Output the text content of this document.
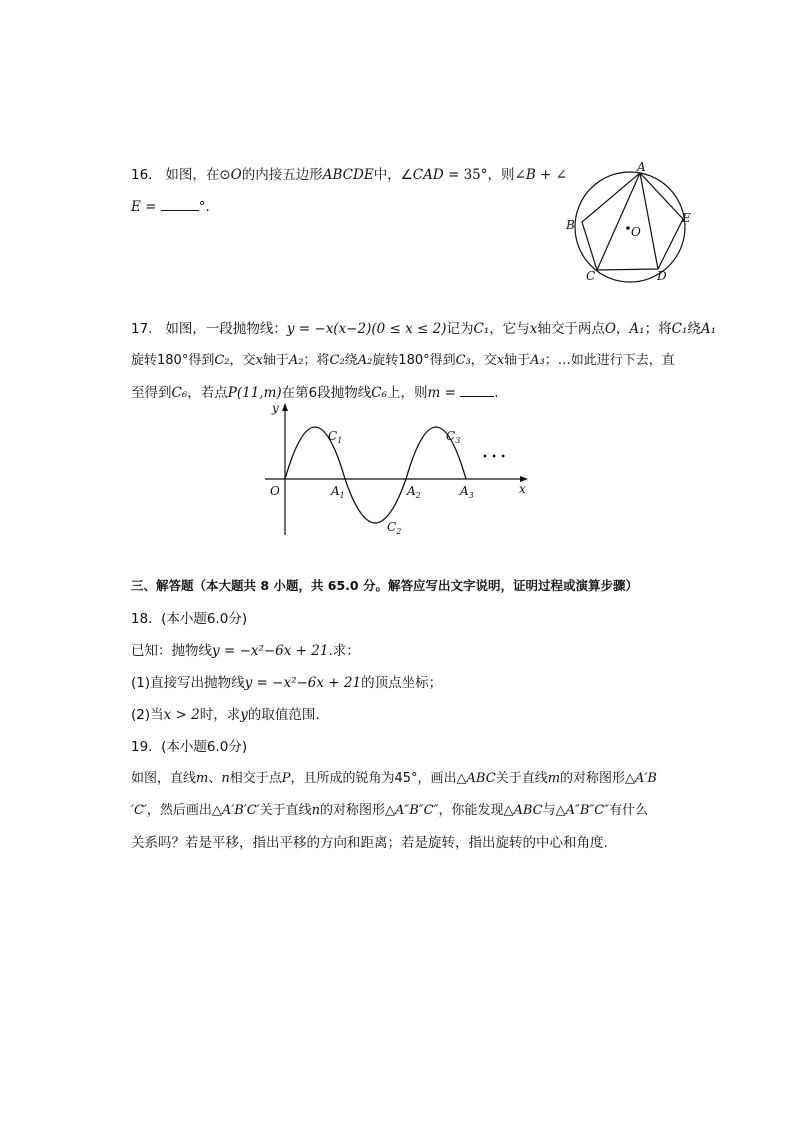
16. 如图，在⊙O的内接五边形ABCDE中，∠CAD = 35°，则∠B + ∠
E =	°.
A
B
C	D
E
O
17. 如图，一段抛物线：y = −x(x−2)(0 ≤ x ≤ 2)记为C₁，它与x轴交于两点O，A₁；将C₁绕A₁
旋转180°得到C₂，交x轴于A₂；将C₂绕A₂旋转180°得到C₃，交x轴于A₃；…如此进行下去，直
至得到C₆，若点P(11,m)在第6段抛物线C₆上，则m =	.
y
x
O	$A_1$	$A_2$	$A_3$
$C_1$
$C_2$
$C_3$
• • •
三、解答题（本大题共 8 小题，共 65.0 分。解答应写出文字说明，证明过程或演算步骤）
18. (本小题6.0分)
已知：抛物线y = −x²−6x + 21.求：
(1)直接写出抛物线y = −x²−6x + 21的顶点坐标；
(2)当x > 2时，求y的取值范围.
19. (本小题6.0分)
如图，直线m、n相交于点P，且所成的锐角为45°，画出△ABC关于直线m的对称图形△A′B
′C′，然后画出△A′B′C′关于直线n的对称图形△A″B″C″，你能发现△ABC与△A″B″C″有什么
关系吗？若是平移，指出平移的方向和距离；若是旋转，指出旋转的中心和角度.
